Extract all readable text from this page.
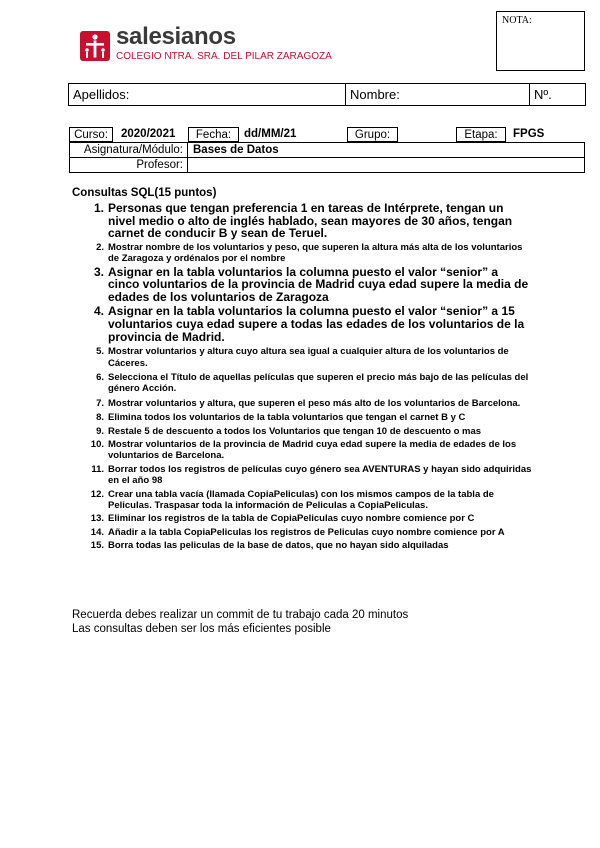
salesianos
COLEGIO NTRA. SRA. DEL PILAR ZARAGOZA
NOTA:
Apellidos:	Nombre:	Nº.
Curso:	2020/2021	Fecha:	dd/MM/21	Grupo:	Etapa:	FPGS
Asignatura/Módulo: Bases de Datos
Profesor:
Consultas SQL(15 puntos)
1. Personas que tengan preferencia 1 en tareas de Intérprete, tengan un nivel medio o alto de inglés hablado, sean mayores de 30 años, tengan carnet de conducir B y sean de Teruel.
2. Mostrar nombre de los voluntarios y peso, que superen la altura más alta de los voluntarios de Zaragoza y ordénalos por el nombre
3. Asignar en la tabla voluntarios la columna puesto el valor “senior” a cinco voluntarios de la provincia de Madrid cuya edad supere la media de edades de los voluntarios de Zaragoza
4. Asignar en la tabla voluntarios la columna puesto el valor “senior” a 15 voluntarios cuya edad supere a todas las edades de los voluntarios de la provincia de Madrid.
5. Mostrar voluntarios y altura cuyo altura sea igual a cualquier altura de los voluntarios de Cáceres.
6. Selecciona el Título de aquellas películas que superen el precio más bajo de las películas del género Acción.
7. Mostrar voluntarios y altura, que superen el peso más alto de los voluntarios de Barcelona.
8. Elimina todos los voluntarios de la tabla voluntarios que tengan el carnet B y C
9. Restale 5 de descuento a todos los Voluntarios que tengan 10 de descuento o mas
10. Mostrar voluntarios de la provincia de Madrid cuya edad supere la media de edades de los voluntarios de Barcelona.
11. Borrar todos los registros de películas cuyo género sea AVENTURAS y hayan sido adquiridas en el año 98
12. Crear una tabla vacía (llamada CopiaPeliculas) con los mismos campos de la tabla de Peliculas. Traspasar toda la información de Peliculas a CopiaPeliculas.
13. Eliminar los registros de la tabla de CopiaPeliculas cuyo nombre comience por C
14. Añadir a la tabla CopiaPeliculas los registros de Peliculas cuyo nombre comience por A
15. Borra todas las peliculas de la base de datos, que no hayan sido alquiladas
Recuerda debes realizar un commit de tu trabajo cada 20 minutos
Las consultas deben ser los más eficientes posible
